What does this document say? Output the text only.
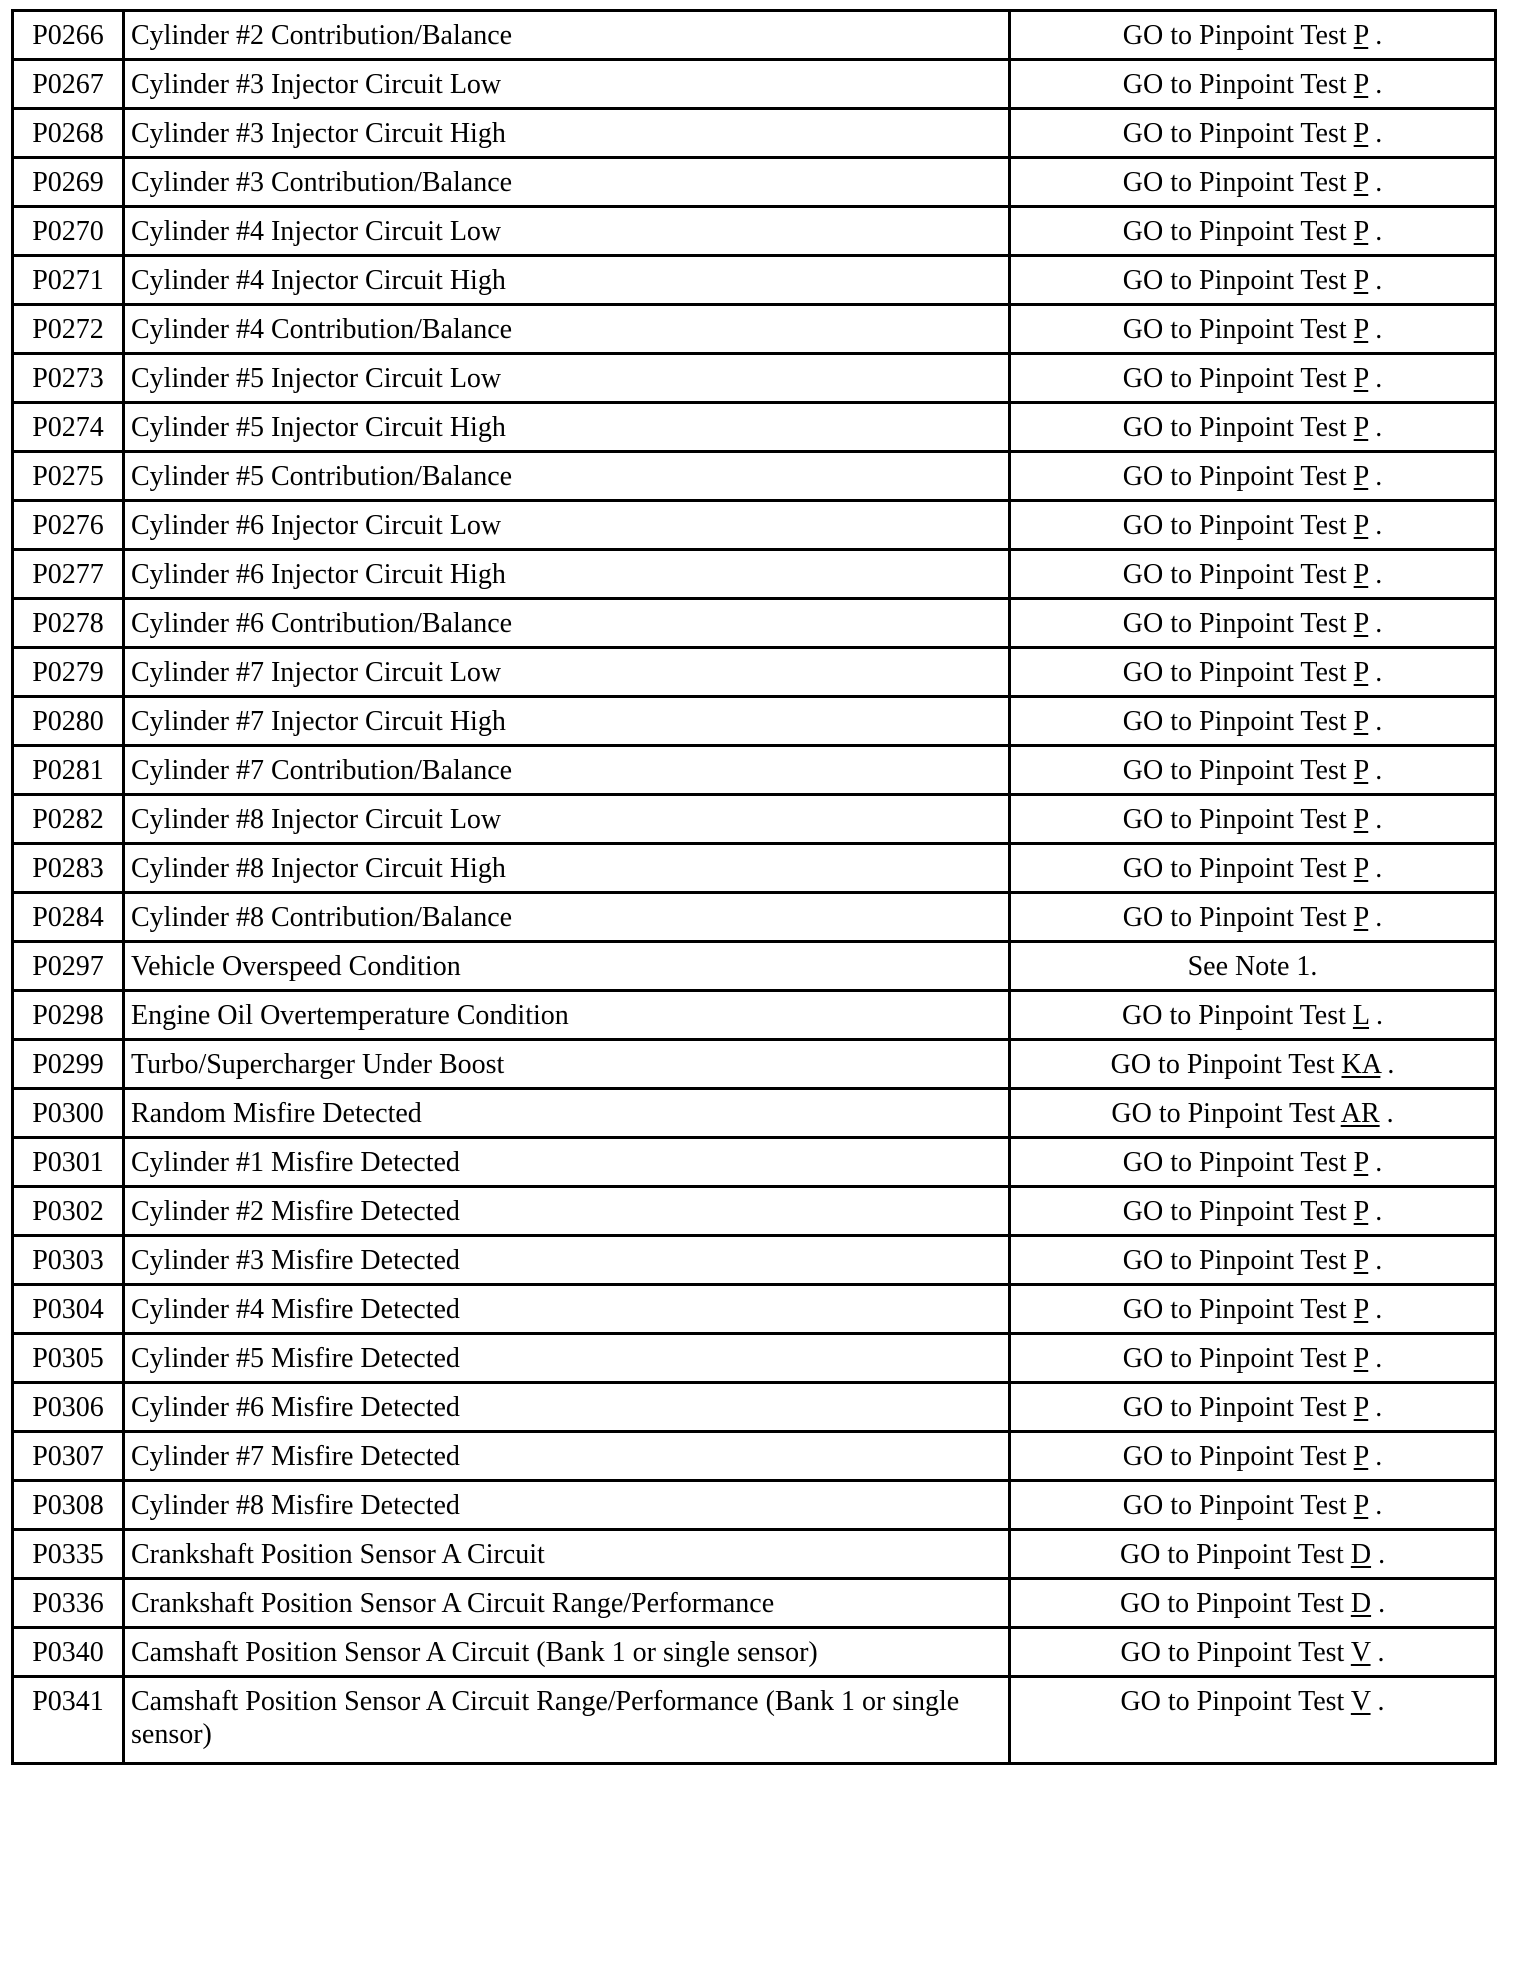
P0266	Cylinder #2 Contribution/Balance	GO to Pinpoint Test P .
P0267	Cylinder #3 Injector Circuit Low	GO to Pinpoint Test P .
P0268	Cylinder #3 Injector Circuit High	GO to Pinpoint Test P .
P0269	Cylinder #3 Contribution/Balance	GO to Pinpoint Test P .
P0270	Cylinder #4 Injector Circuit Low	GO to Pinpoint Test P .
P0271	Cylinder #4 Injector Circuit High	GO to Pinpoint Test P .
P0272	Cylinder #4 Contribution/Balance	GO to Pinpoint Test P .
P0273	Cylinder #5 Injector Circuit Low	GO to Pinpoint Test P .
P0274	Cylinder #5 Injector Circuit High	GO to Pinpoint Test P .
P0275	Cylinder #5 Contribution/Balance	GO to Pinpoint Test P .
P0276	Cylinder #6 Injector Circuit Low	GO to Pinpoint Test P .
P0277	Cylinder #6 Injector Circuit High	GO to Pinpoint Test P .
P0278	Cylinder #6 Contribution/Balance	GO to Pinpoint Test P .
P0279	Cylinder #7 Injector Circuit Low	GO to Pinpoint Test P .
P0280	Cylinder #7 Injector Circuit High	GO to Pinpoint Test P .
P0281	Cylinder #7 Contribution/Balance	GO to Pinpoint Test P .
P0282	Cylinder #8 Injector Circuit Low	GO to Pinpoint Test P .
P0283	Cylinder #8 Injector Circuit High	GO to Pinpoint Test P .
P0284	Cylinder #8 Contribution/Balance	GO to Pinpoint Test P .
P0297	Vehicle Overspeed Condition	See Note 1.
P0298	Engine Oil Overtemperature Condition	GO to Pinpoint Test L .
P0299	Turbo/Supercharger Under Boost	GO to Pinpoint Test KA .
P0300	Random Misfire Detected	GO to Pinpoint Test AR .
P0301	Cylinder #1 Misfire Detected	GO to Pinpoint Test P .
P0302	Cylinder #2 Misfire Detected	GO to Pinpoint Test P .
P0303	Cylinder #3 Misfire Detected	GO to Pinpoint Test P .
P0304	Cylinder #4 Misfire Detected	GO to Pinpoint Test P .
P0305	Cylinder #5 Misfire Detected	GO to Pinpoint Test P .
P0306	Cylinder #6 Misfire Detected	GO to Pinpoint Test P .
P0307	Cylinder #7 Misfire Detected	GO to Pinpoint Test P .
P0308	Cylinder #8 Misfire Detected	GO to Pinpoint Test P .
P0335	Crankshaft Position Sensor A Circuit	GO to Pinpoint Test D .
P0336	Crankshaft Position Sensor A Circuit Range/Performance	GO to Pinpoint Test D .
P0340	Camshaft Position Sensor A Circuit (Bank 1 or single sensor)	GO to Pinpoint Test V .
P0341	Camshaft Position Sensor A Circuit Range/Performance (Bank 1 or single sensor)	GO to Pinpoint Test V .
